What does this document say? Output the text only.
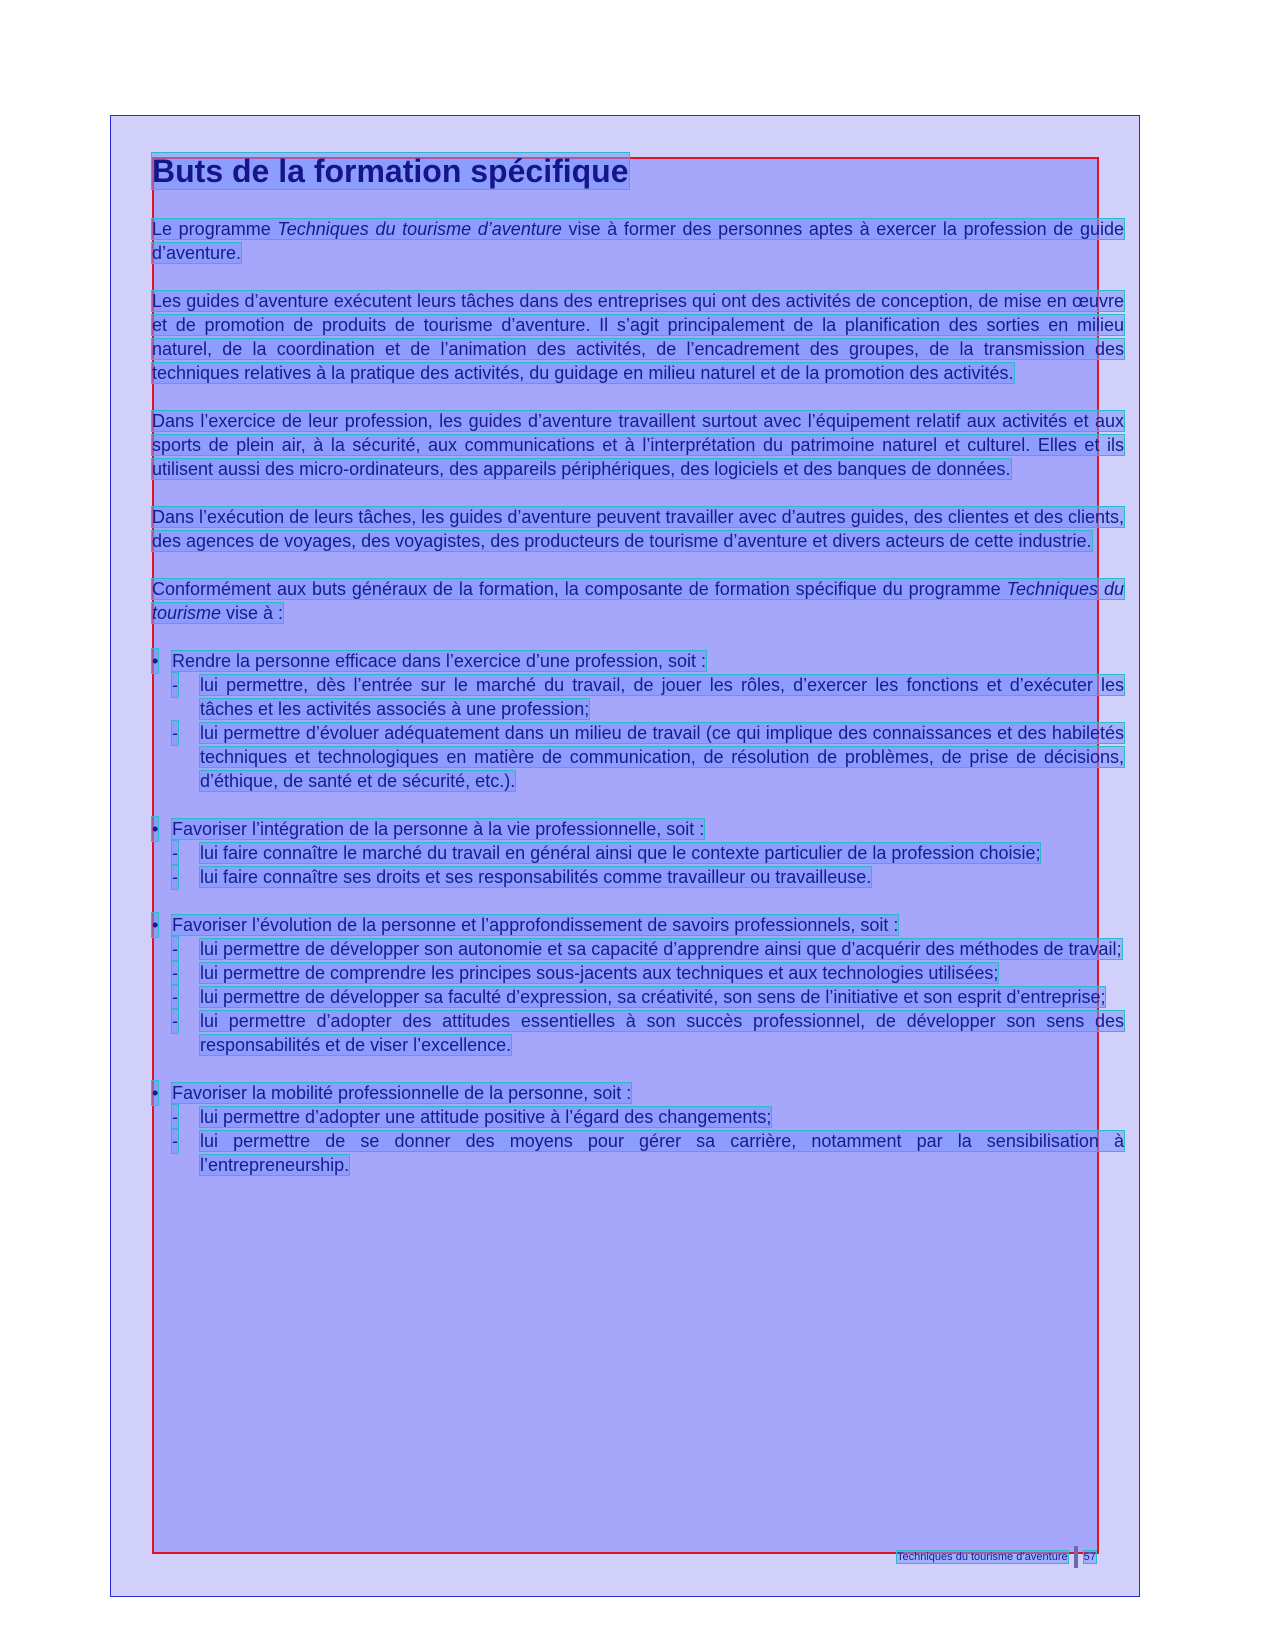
Buts de la formation spécifique

Le programme Techniques du tourisme d’aventure vise à former des personnes aptes à exercer la profession de guide d’aventure.

Les guides d’aventure exécutent leurs tâches dans des entreprises qui ont des activités de conception, de mise en œuvre et de promotion de produits de tourisme d’aventure. Il s’agit principalement de la planification des sorties en milieu naturel, de la coordination et de l’animation des activités, de l’encadrement des groupes, de la transmission des techniques relatives à la pratique des activités, du guidage en milieu naturel et de la promotion des activités.

Dans l’exercice de leur profession, les guides d’aventure travaillent surtout avec l’équipement relatif aux activités et aux sports de plein air, à la sécurité, aux communications et à l’interprétation du patrimoine naturel et culturel. Elles et ils utilisent aussi des micro-ordinateurs, des appareils périphériques, des logiciels et des banques de données.

Dans l’exécution de leurs tâches, les guides d’aventure peuvent travailler avec d’autres guides, des clientes et des clients, des agences de voyages, des voyagistes, des producteurs de tourisme d’aventure et divers acteurs de cette industrie.

Conformément aux buts généraux de la formation, la composante de formation spécifique du programme Techniques du tourisme vise à :

• Rendre la personne efficace dans l’exercice d’une profession, soit :
- lui permettre, dès l’entrée sur le marché du travail, de jouer les rôles, d’exercer les fonctions et d’exécuter les tâches et les activités associés à une profession;
- lui permettre d’évoluer adéquatement dans un milieu de travail (ce qui implique des connaissances et des habiletés techniques et technologiques en matière de communication, de résolution de problèmes, de prise de décisions, d’éthique, de santé et de sécurité, etc.).
• Favoriser l’intégration de la personne à la vie professionnelle, soit :
- lui faire connaître le marché du travail en général ainsi que le contexte particulier de la profession choisie;
- lui faire connaître ses droits et ses responsabilités comme travailleur ou travailleuse.
• Favoriser l’évolution de la personne et l’approfondissement de savoirs professionnels, soit :
- lui permettre de développer son autonomie et sa capacité d’apprendre ainsi que d’acquérir des méthodes de travail;
- lui permettre de comprendre les principes sous-jacents aux techniques et aux technologies utilisées;
- lui permettre de développer sa faculté d’expression, sa créativité, son sens de l’initiative et son esprit d’entreprise;
- lui permettre d’adopter des attitudes essentielles à son succès professionnel, de développer son sens des responsabilités et de viser l’excellence.
• Favoriser la mobilité professionnelle de la personne, soit :
- lui permettre d’adopter une attitude positive à l’égard des changements;
- lui permettre de se donner des moyens pour gérer sa carrière, notamment par la sensibilisation à l’entrepreneurship.
Techniques du tourisme d’aventure 57
